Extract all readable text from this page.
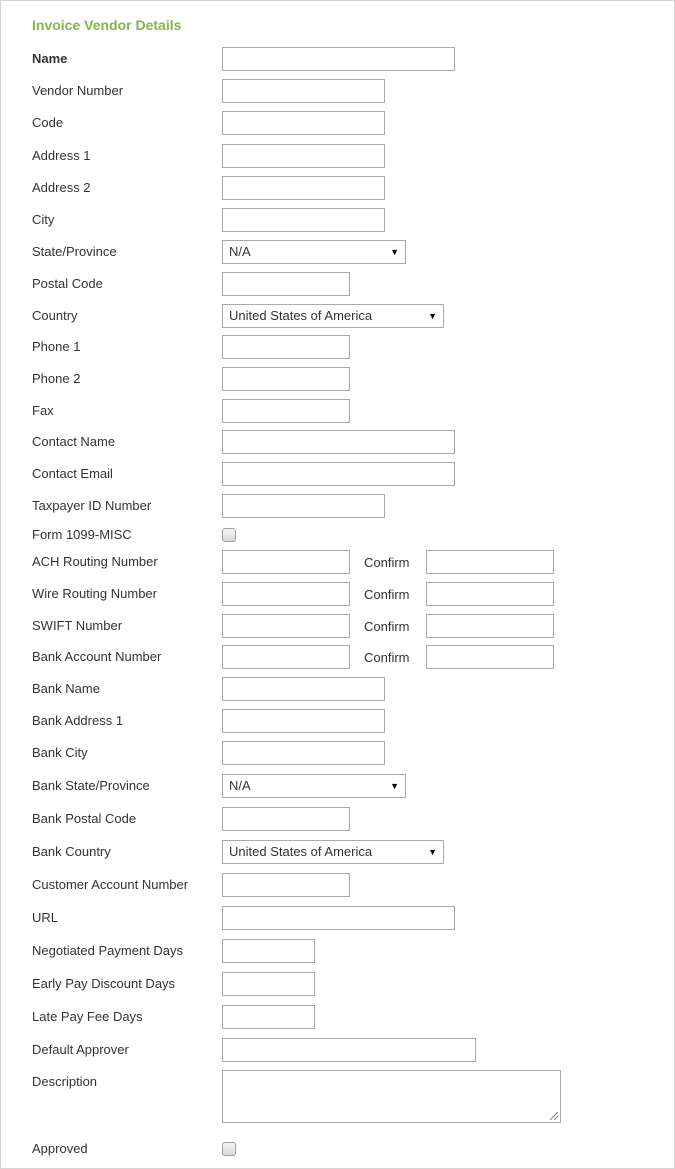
Invoice Vendor Details
Name
Vendor Number
Code
Address 1
Address 2
City
State/Province	N/A	▼
Postal Code
Country	United States of America	▼
Phone 1
Phone 2
Fax
Contact Name
Contact Email
Taxpayer ID Number
Form 1099-MISC
ACH Routing Number	Confirm
Wire Routing Number	Confirm
SWIFT Number	Confirm
Bank Account Number	Confirm
Bank Name
Bank Address 1
Bank City
Bank State/Province	N/A	▼
Bank Postal Code
Bank Country	United States of America	▼
Customer Account Number
URL
Negotiated Payment Days
Early Pay Discount Days
Late Pay Fee Days
Default Approver
Description
Approved
